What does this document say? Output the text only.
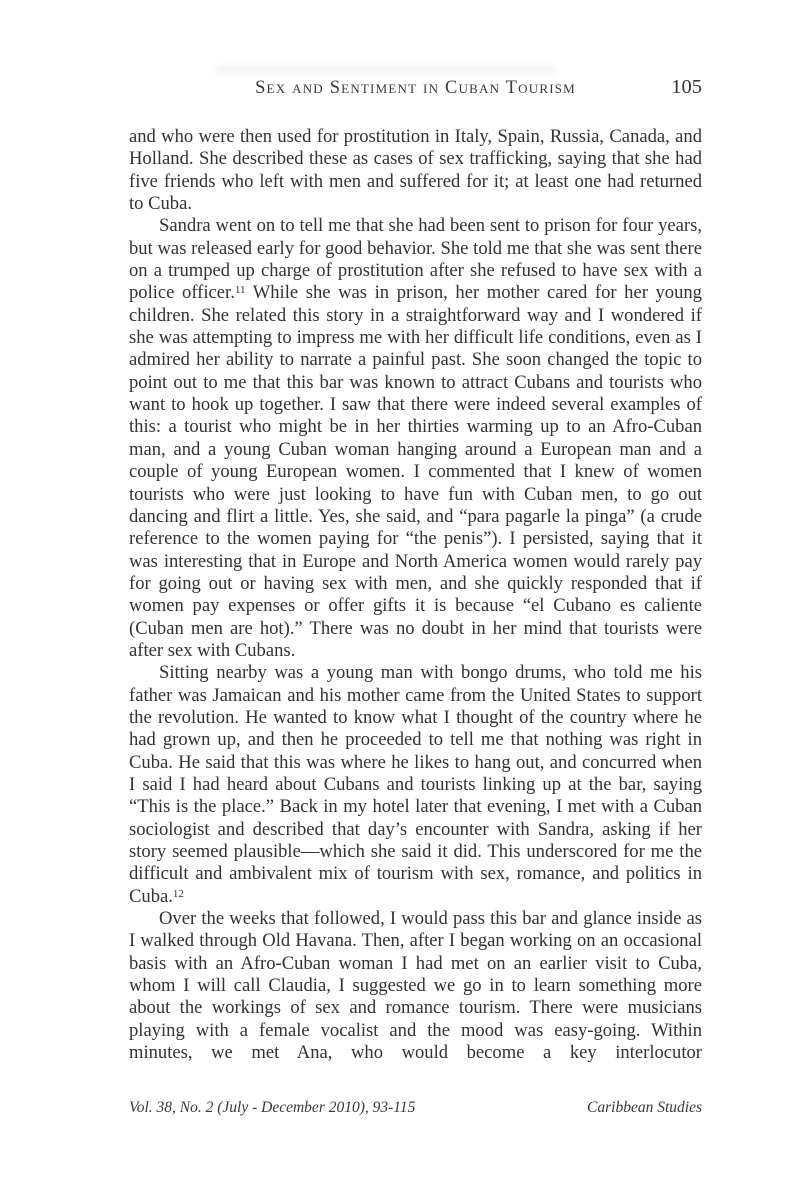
Sex and Sentiment in Cuban Tourism	105

and who were then used for prostitution in Italy, Spain, Russia, Canada, and Holland. She described these as cases of sex trafficking, saying that she had five friends who left with men and suffered for it; at least one had returned to Cuba.

Sandra went on to tell me that she had been sent to prison for four years, but was released early for good behavior. She told me that she was sent there on a trumped up charge of prostitution after she refused to have sex with a police officer.$^{11}$ While she was in prison, her mother cared for her young children. She related this story in a straightforward way and I wondered if she was attempting to impress me with her difficult life conditions, even as I admired her ability to narrate a painful past. She soon changed the topic to point out to me that this bar was known to attract Cubans and tourists who want to hook up together. I saw that there were indeed several examples of this: a tourist who might be in her thirties warming up to an Afro-Cuban man, and a young Cuban woman hanging around a European man and a couple of young European women. I commented that I knew of women tourists who were just looking to have fun with Cuban men, to go out dancing and flirt a little. Yes, she said, and “para pagarle la pinga” (a crude reference to the women paying for “the penis”). I persisted, saying that it was interesting that in Europe and North America women would rarely pay for going out or having sex with men, and she quickly responded that if women pay expenses or offer gifts it is because “el Cubano es caliente (Cuban men are hot).” There was no doubt in her mind that tourists were after sex with Cubans.

Sitting nearby was a young man with bongo drums, who told me his father was Jamaican and his mother came from the United States to support the revolution. He wanted to know what I thought of the country where he had grown up, and then he proceeded to tell me that nothing was right in Cuba. He said that this was where he likes to hang out, and concurred when I said I had heard about Cubans and tourists linking up at the bar, saying “This is the place.” Back in my hotel later that evening, I met with a Cuban sociologist and described that day’s encounter with Sandra, asking if her story seemed plausible—which she said it did. This underscored for me the difficult and ambivalent mix of tourism with sex, romance, and politics in Cuba.$^{12}$

Over the weeks that followed, I would pass this bar and glance inside as I walked through Old Havana. Then, after I began working on an occasional basis with an Afro-Cuban woman I had met on an earlier visit to Cuba, whom I will call Claudia, I suggested we go in to learn something more about the workings of sex and romance tourism. There were musicians playing with a female vocalist and the mood was easy-going. Within minutes, we met Ana, who would become a key interlocutor

Vol. 38, No. 2 (July - December 2010), 93-115	Caribbean Studies
